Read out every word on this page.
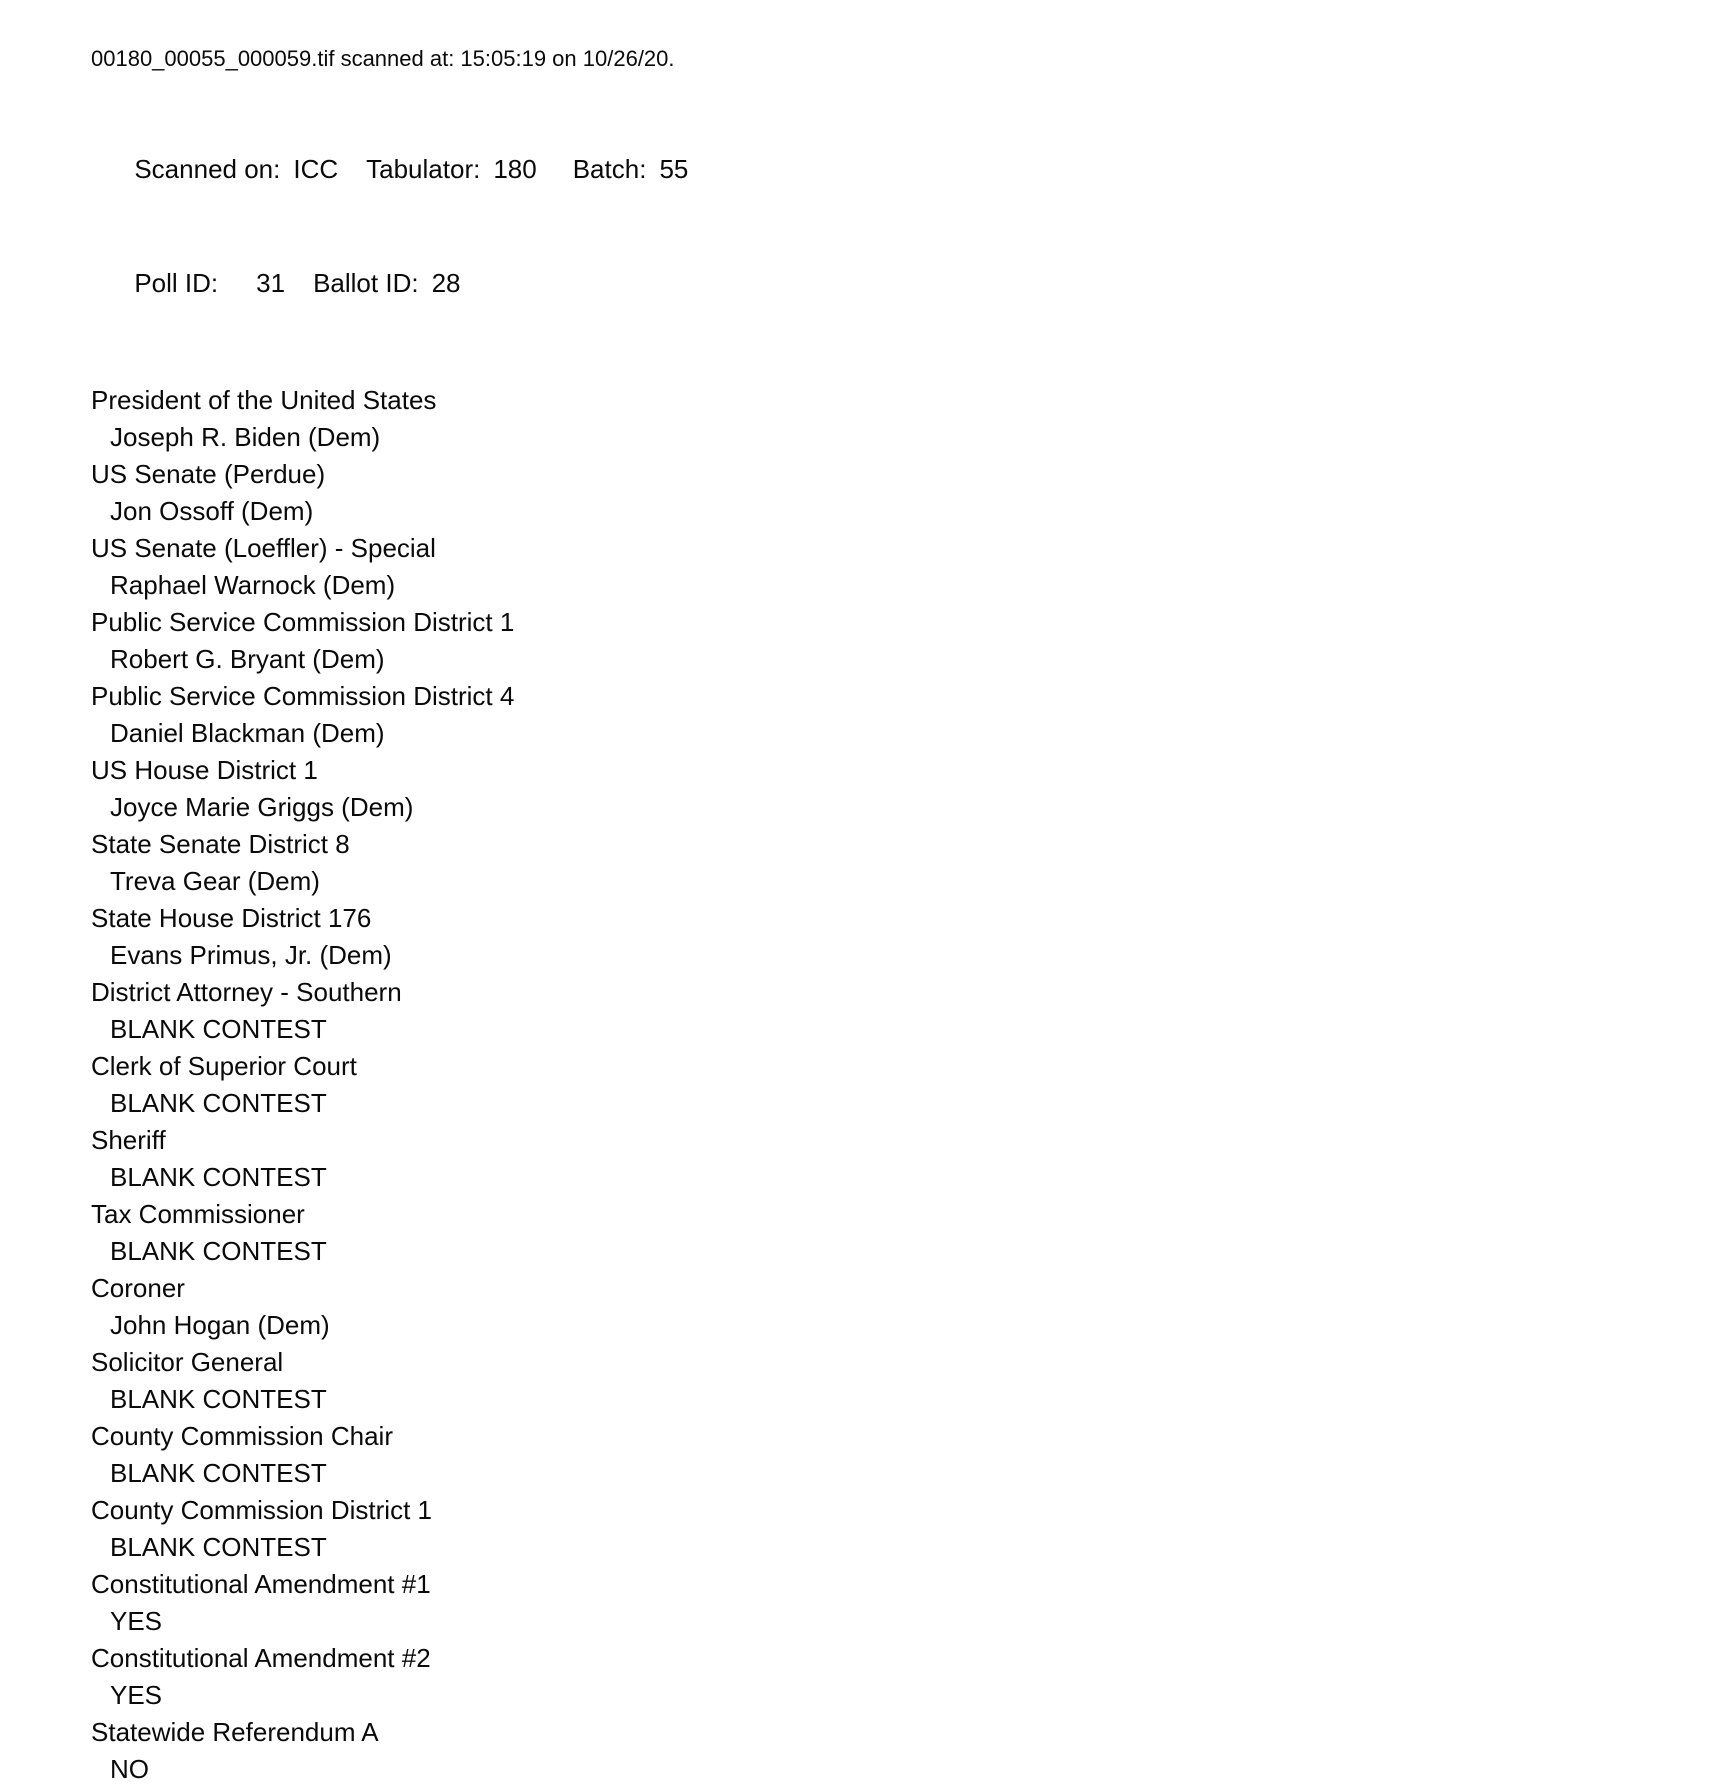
00180_00055_000059.tif scanned at: 15:05:19 on 10/26/20.

Scanned on: ICC Tabulator: 180 Batch: 55

Poll ID: 31 Ballot ID: 28

President of the United States
Joseph R. Biden (Dem)
US Senate (Perdue)
Jon Ossoff (Dem)
US Senate (Loeffler) - Special
Raphael Warnock (Dem)
Public Service Commission District 1
Robert G. Bryant (Dem)
Public Service Commission District 4
Daniel Blackman (Dem)
US House District 1
Joyce Marie Griggs (Dem)
State Senate District 8
Treva Gear (Dem)
State House District 176
Evans Primus, Jr. (Dem)
District Attorney - Southern
BLANK CONTEST
Clerk of Superior Court
BLANK CONTEST
Sheriff
BLANK CONTEST
Tax Commissioner
BLANK CONTEST
Coroner
John Hogan (Dem)
Solicitor General
BLANK CONTEST
County Commission Chair
BLANK CONTEST
County Commission District 1
BLANK CONTEST
Constitutional Amendment #1
YES
Constitutional Amendment #2
YES
Statewide Referendum A
NO
